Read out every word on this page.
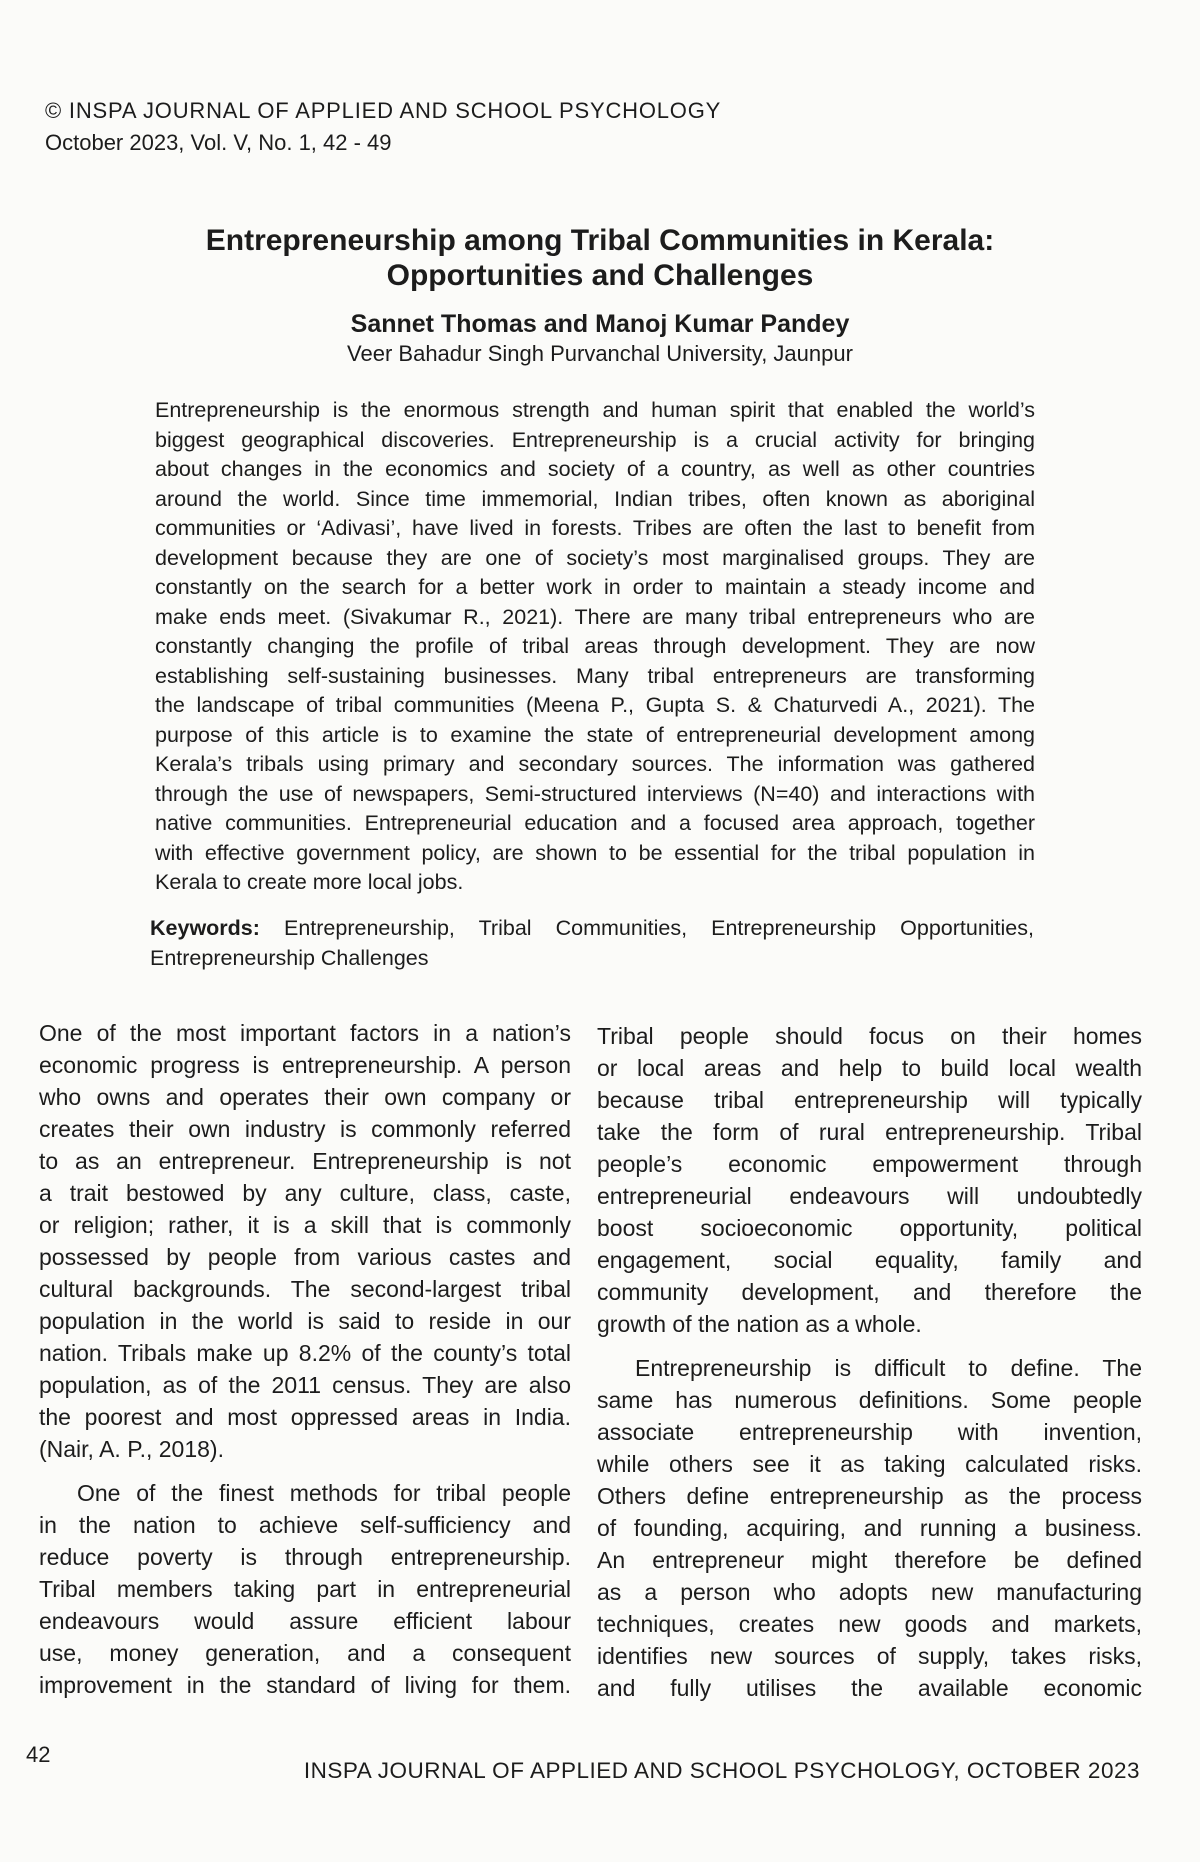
© INSPA JOURNAL OF APPLIED AND SCHOOL PSYCHOLOGY
October 2023, Vol. V, No. 1, 42 - 49
Entrepreneurship among Tribal Communities in Kerala:
Opportunities and Challenges
Sannet Thomas and Manoj Kumar Pandey
Veer Bahadur Singh Purvanchal University, Jaunpur
Entrepreneurship is the enormous strength and human spirit that enabled the world’s
biggest geographical discoveries. Entrepreneurship is a crucial activity for bringing
about changes in the economics and society of a country, as well as other countries
around the world. Since time immemorial, Indian tribes, often known as aboriginal
communities or ‘Adivasi’, have lived in forests. Tribes are often the last to benefit from
development because they are one of society’s most marginalised groups. They are
constantly on the search for a better work in order to maintain a steady income and
make ends meet. (Sivakumar R., 2021). There are many tribal entrepreneurs who are
constantly changing the profile of tribal areas through development. They are now
establishing self-sustaining businesses. Many tribal entrepreneurs are transforming
the landscape of tribal communities (Meena P., Gupta S. & Chaturvedi A., 2021). The
purpose of this article is to examine the state of entrepreneurial development among
Kerala’s tribals using primary and secondary sources. The information was gathered
through the use of newspapers, Semi-structured interviews (N=40) and interactions with
native communities. Entrepreneurial education and a focused area approach, together
with effective government policy, are shown to be essential for the tribal population in
Kerala to create more local jobs.
Keywords: Entrepreneurship, Tribal Communities, Entrepreneurship Opportunities,
Entrepreneurship Challenges
One of the most important factors in a nation’s
economic progress is entrepreneurship. A person
who owns and operates their own company or
creates their own industry is commonly referred
to as an entrepreneur. Entrepreneurship is not
a trait bestowed by any culture, class, caste,
or religion; rather, it is a skill that is commonly
possessed by people from various castes and
cultural backgrounds. The second-largest tribal
population in the world is said to reside in our
nation. Tribals make up 8.2% of the county’s total
population, as of the 2011 census. They are also
the poorest and most oppressed areas in India.
(Nair, A. P., 2018).
One of the finest methods for tribal people
in the nation to achieve self-sufficiency and
reduce poverty is through entrepreneurship.
Tribal members taking part in entrepreneurial
endeavours would assure efficient labour
use, money generation, and a consequent
improvement in the standard of living for them.
Tribal people should focus on their homes
or local areas and help to build local wealth
because tribal entrepreneurship will typically
take the form of rural entrepreneurship. Tribal
people’s economic empowerment through
entrepreneurial endeavours will undoubtedly
boost socioeconomic opportunity, political
engagement, social equality, family and
community development, and therefore the
growth of the nation as a whole.
Entrepreneurship is difficult to define. The
same has numerous definitions. Some people
associate entrepreneurship with invention,
while others see it as taking calculated risks.
Others define entrepreneurship as the process
of founding, acquiring, and running a business.
An entrepreneur might therefore be defined
as a person who adopts new manufacturing
techniques, creates new goods and markets,
identifies new sources of supply, takes risks,
and fully utilises the available economic
42
INSPA JOURNAL OF APPLIED AND SCHOOL PSYCHOLOGY, OCTOBER 2023
